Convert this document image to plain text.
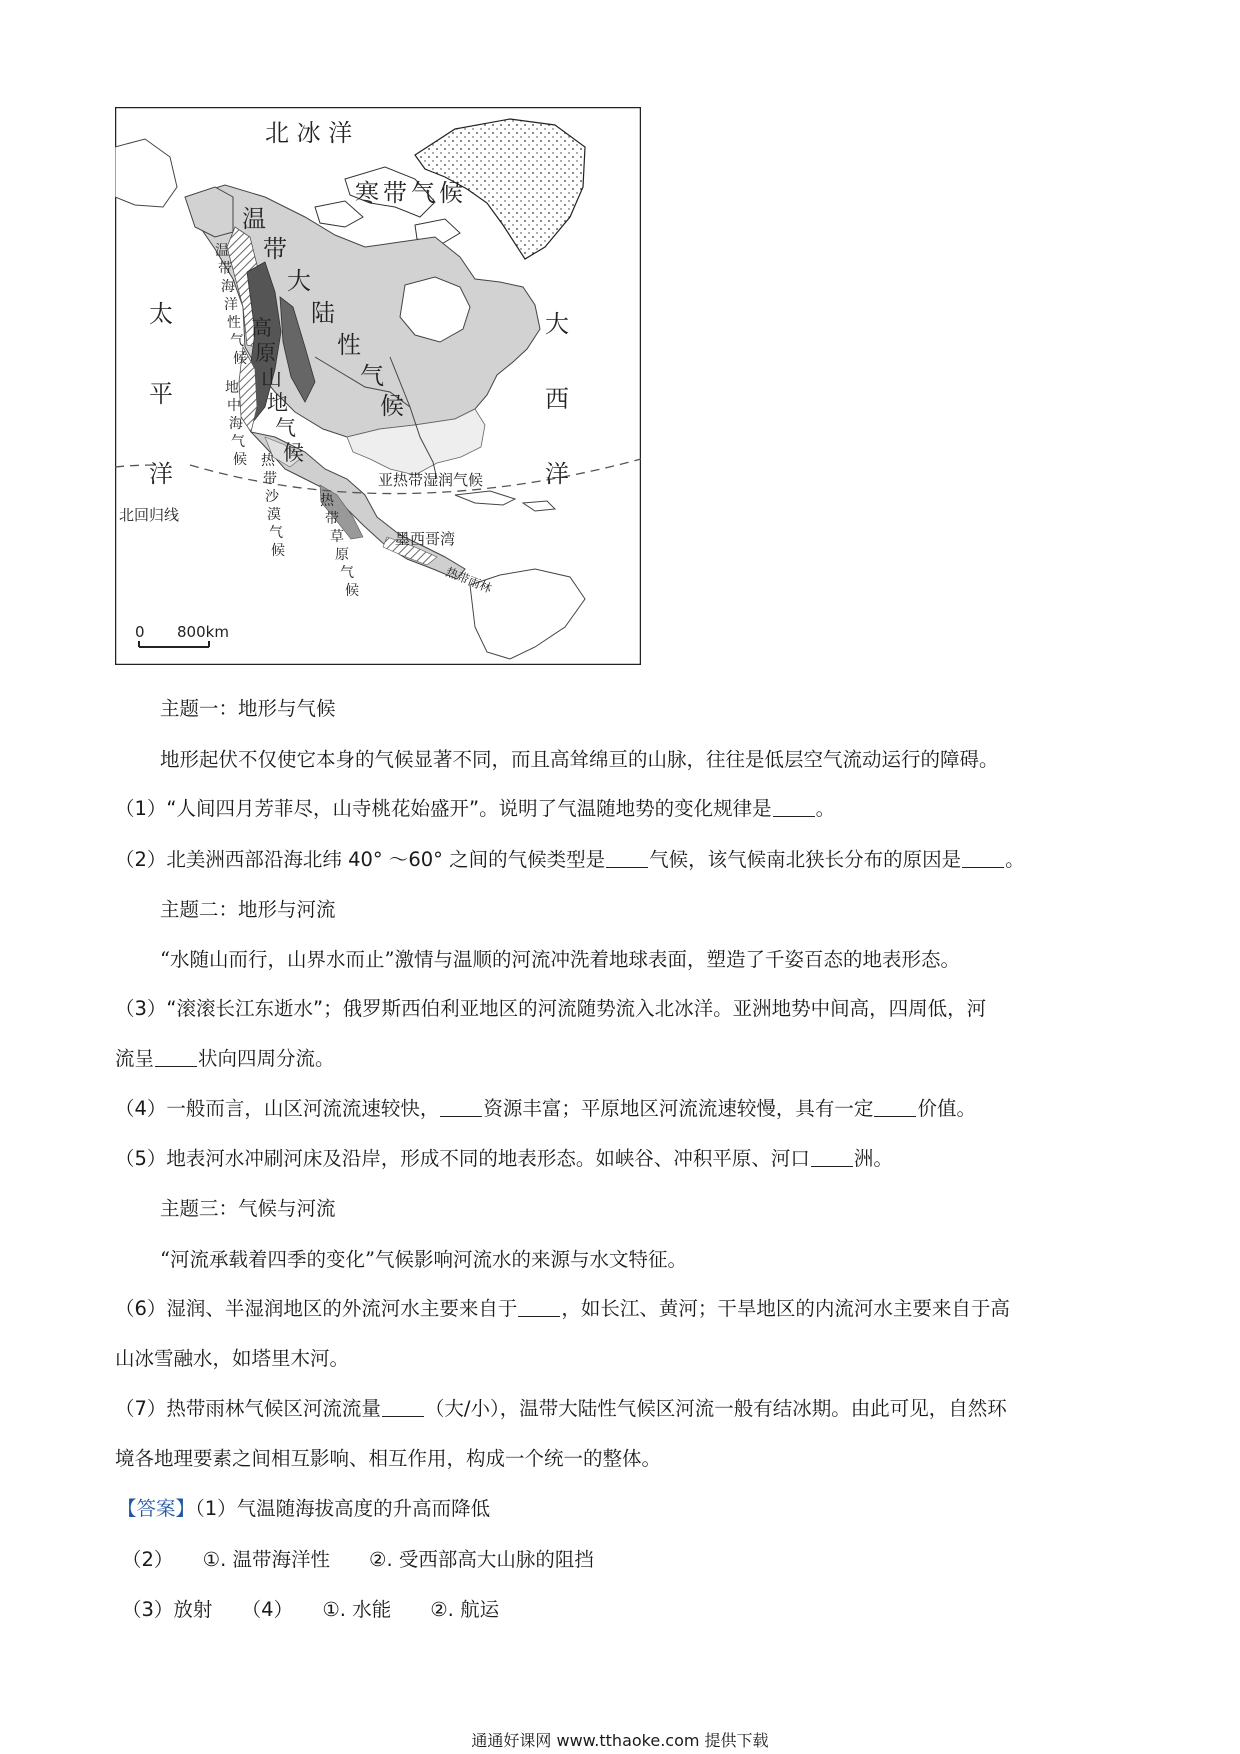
北 冰 洋
寒带气候
温
带
大
陆
性
气
候
温
带
海
洋
性
气
候
高
原
山
地
气
候
太
平
洋
大
西
洋
地
中
海
气
候 热
带
沙
漠
气
候
热
带
草
原
气
候	热带雨林
亚热带湿润气候
北回归线
墨西哥湾
0 800km
主题一：地形与气候
地形起伏不仅使它本身的气候显著不同，而且高耸绵亘的山脉，往往是低层空气流动运行的障碍。
（1）“人间四月芳菲尽，山寺桃花始盛开”。说明了气温随地势的变化规律是 。
（2）北美洲西部沿海北纬 40° ～60° 之间的气候类型是 气候，该气候南北狭长分布的原因是 。
主题二：地形与河流
“水随山而行，山界水而止”激情与温顺的河流冲洗着地球表面，塑造了千姿百态的地表形态。
（3）“滚滚长江东逝水”；俄罗斯西伯利亚地区的河流随势流入北冰洋。亚洲地势中间高，四周低，河
流呈 状向四周分流。
（4）一般而言，山区河流流速较快， 资源丰富；平原地区河流流速较慢，具有一定 价值。
（5）地表河水冲刷河床及沿岸，形成不同的地表形态。如峡谷、冲积平原、河口 洲。
主题三：气候与河流
“河流承载着四季的变化”气候影响河流水的来源与水文特征。
（6）湿润、半湿润地区的外流河水主要来自于 ，如长江、黄河；干旱地区的内流河水主要来自于高
山冰雪融水，如塔里木河。
（7）热带雨林气候区河流流量 （大/小），温带大陆性气候区河流一般有结冰期。由此可见，自然环
境各地理要素之间相互影响、相互作用，构成一个统一的整体。
【答案】（1）气温随海拔高度的升高而降低
（2）　　①. 温带海洋性　　②. 受西部高大山脉的阻挡
（3）放射　　（4）　　①. 水能　　②. 航运
通通好课网 www.tthaoke.com 提供下载
